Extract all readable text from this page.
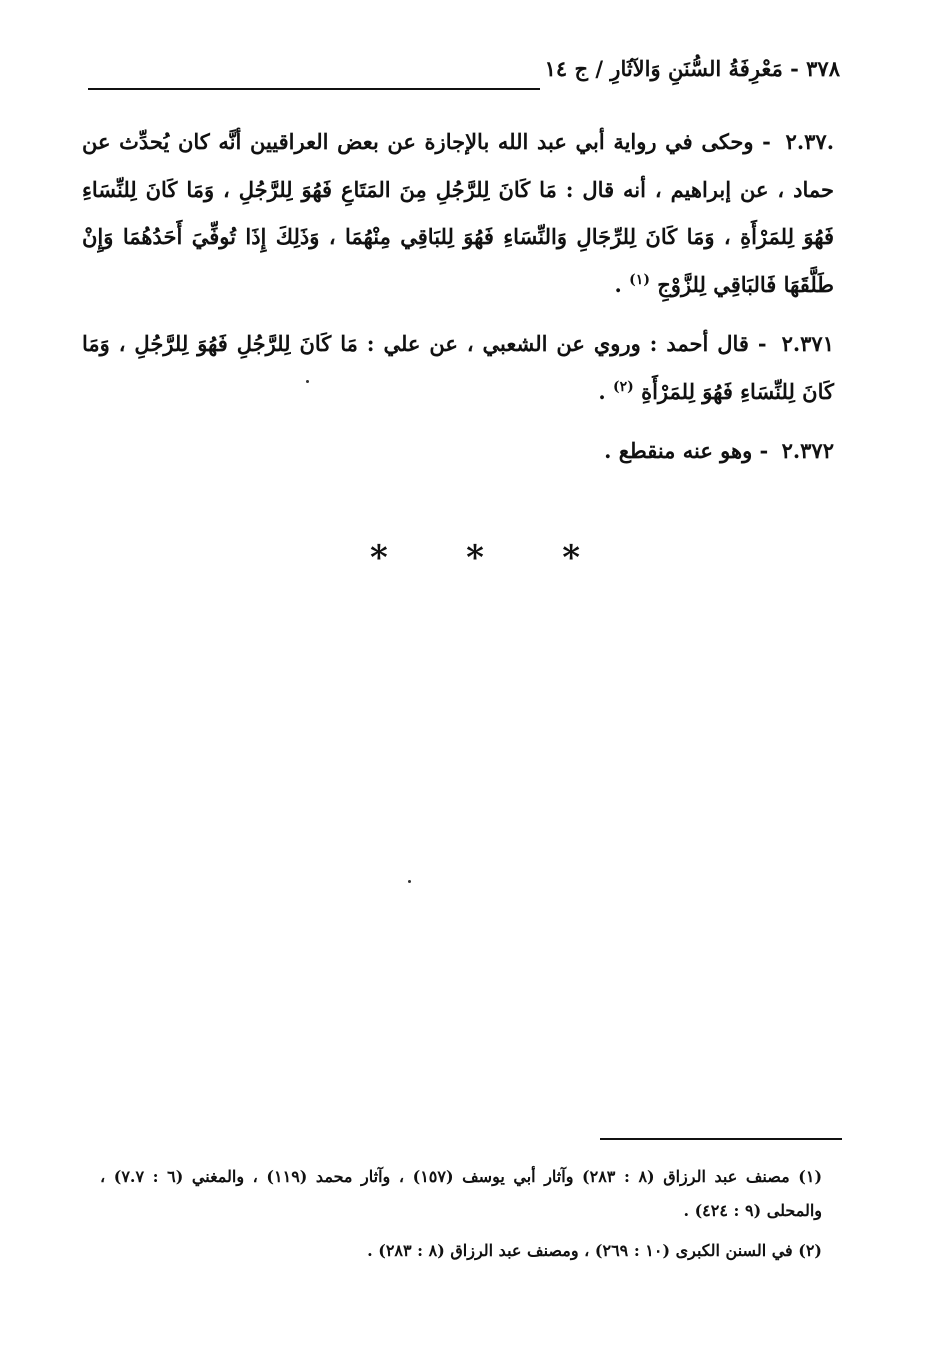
٣٧٨ - مَعْرِفَةُ السُّنَنِ وَالآثَارِ / ج ١٤

.٢.٣٧ - وحكى في رواية أبي عبد الله بالإجازة عن بعض العراقيين أنَّه كان يُحدِّث عن حماد ، عن إبراهيم ، أنه قال : مَا كَانَ لِلرَّجُلِ مِنَ المَتَاعِ فَهُوَ لِلرَّجُلِ ، وَمَا كَانَ لِلنِّسَاءِ فَهُوَ لِلمَرْأَةِ ، وَمَا كَانَ لِلرِّجَالِ وَالنِّسَاءِ فَهُوَ لِلبَاقِي مِنْهُمَا ، وَذَلِكَ إِذَا تُوفِّيَ أَحَدُهُمَا وَإِنْ طَلَّقَهَا فَالبَاقِي لِلزَّوْجِ $^{(١)}$ .

٢.٣٧١ - قال أحمد : وروي عن الشعبي ، عن علي : مَا كَانَ لِلرَّجُلِ فَهُوَ لِلرَّجُلِ ، وَمَا كَانَ لِلنِّسَاءِ فَهُوَ لِلمَرْأَةِ $^{(٢)}$ .

٢.٣٧٢ - وهو عنه منقطع .

* * *

(١) مصنف عبد الرزاق (٨ : ٢٨٣) وآثار أبي يوسف (١٥٧) ، وآثار محمد (١١٩) ، والمغني (٦ : ٧.٧) ، والمحلى (٩ : ٤٢٤) .

(٢) في السنن الكبرى (١٠ : ٢٦٩) ، ومصنف عبد الرزاق (٨ : ٢٨٣) .
